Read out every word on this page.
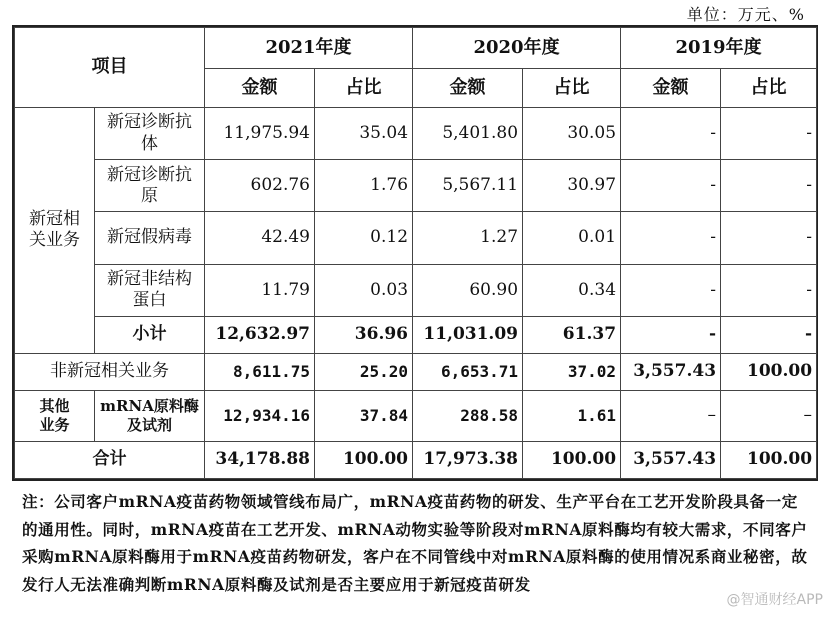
单位：万元、%
项目		2021年度		2020年度		2019年度	
		金额	占比	金额	占比	金额	占比
新冠相关业务	新冠诊断抗体	11,975.94	35.04	5,401.80	30.05	-	-
	新冠诊断抗原	602.76	1.76	5,567.11	30.97	-	-
	新冠假病毒	42.49	0.12	1.27	0.01	-	-
	新冠非结构蛋白	11.79	0.03	60.90	0.34	-	-
	小计	12,632.97	36.96	11,031.09	61.37	-	-
非新冠相关业务		8,611.75	25.20	6,653.71	37.02	3,557.43	100.00
其他业务	mRNA原料酶及试剂	12,934.16	37.84	288.58	1.61	–	–
合计		34,178.88	100.00	17,973.38	100.00	3,557.43	100.00
注：公司客户mRNA疫苗药物领域管线布局广，mRNA疫苗药物的研发、生产平台在工艺开发阶段具备一定的通用性。同时，mRNA疫苗在工艺开发、mRNA动物实验等阶段对mRNA原料酶均有较大需求，不同客户采购mRNA原料酶用于mRNA疫苗药物研发，客户在不同管线中对mRNA原料酶的使用情况系商业秘密，故发行人无法准确判断mRNA原料酶及试剂是否主要应用于新冠疫苗研发
@智通财经APP
